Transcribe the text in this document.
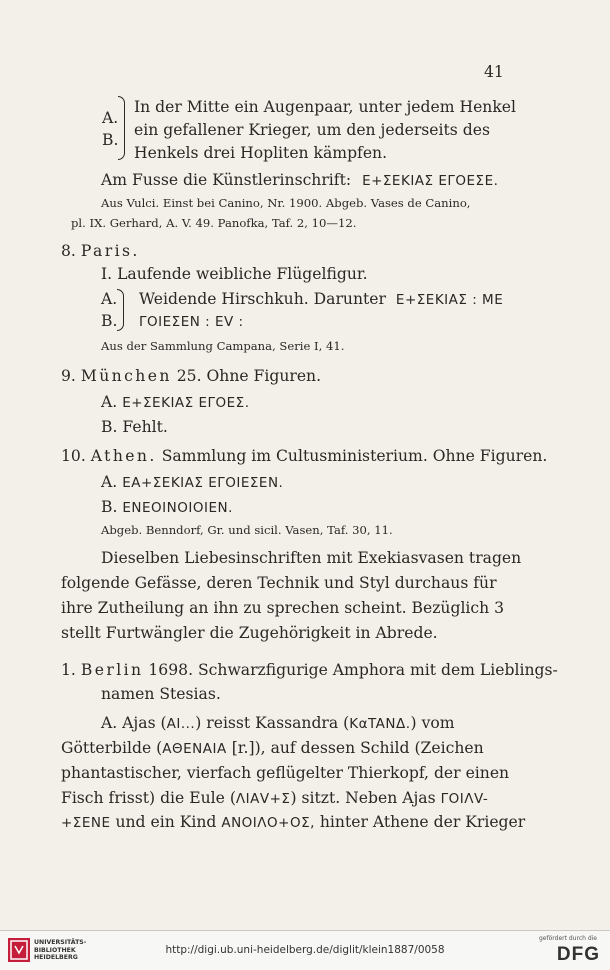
41
A.
B.
In der Mitte ein Augenpaar, unter jedem Henkel
ein gefallener Krieger, um den jederseits des
Henkels drei Hopliten kämpfen.
Am Fusse die Künstlerinschrift: E+ΣEKIAΣ EΓOEΣE.
Aus Vulci. Einst bei Canino, Nr. 1900. Abgeb. Vases de Canino,
pl. IX. Gerhard, A. V. 49. Panofka, Taf. 2, 10—12.
8. Paris.
I. Laufende weibliche Flügelfigur.
A.
B.
Weidende Hirschkuh. Darunter E+ΣEKIAΣ : ME
ΓOIEΣEN : EV :
Aus der Sammlung Campana, Serie I, 41.
9. München 25. Ohne Figuren.
A. E+ΣEKIAΣ EΓOEΣ.
B. Fehlt.
10. Athen. Sammlung im Cultusministerium. Ohne Figuren.
A. EA+ΣEKIAΣ EΓOIEΣEN.
B. ENEOINOIOIEN.
Abgeb. Benndorf, Gr. und sicil. Vasen, Taf. 30, 11.
Dieselben Liebesinschriften mit Exekiasvasen tragen
folgende Gefässe, deren Technik und Styl durchaus für
ihre Zutheilung an ihn zu sprechen scheint. Bezüglich 3
stellt Furtwängler die Zugehörigkeit in Abrede.
1. Berlin 1698. Schwarzfigurige Amphora mit dem Lieblings-
namen Stesias.
A. Ajas (AI...) reisst Kassandra (KαTANΔ.) vom
Götterbilde (AΘENAIA [r.]), auf dessen Schild (Zeichen
phantastischer, vierfach geflügelter Thierkopf, der einen
Fisch frisst) die Eule (ΛΙΑV+Σ) sitzt. Neben Ajas ΓOΙΛV-
+ΣENE und ein Kind ANOΙΛO+OΣ, hinter Athene der Krieger
UNIVERSITÄTS-
BIBLIOTHEK
HEIDELBERG
http://digi.ub.uni-heidelberg.de/diglit/klein1887/0058
gefördert durch die
DFG
